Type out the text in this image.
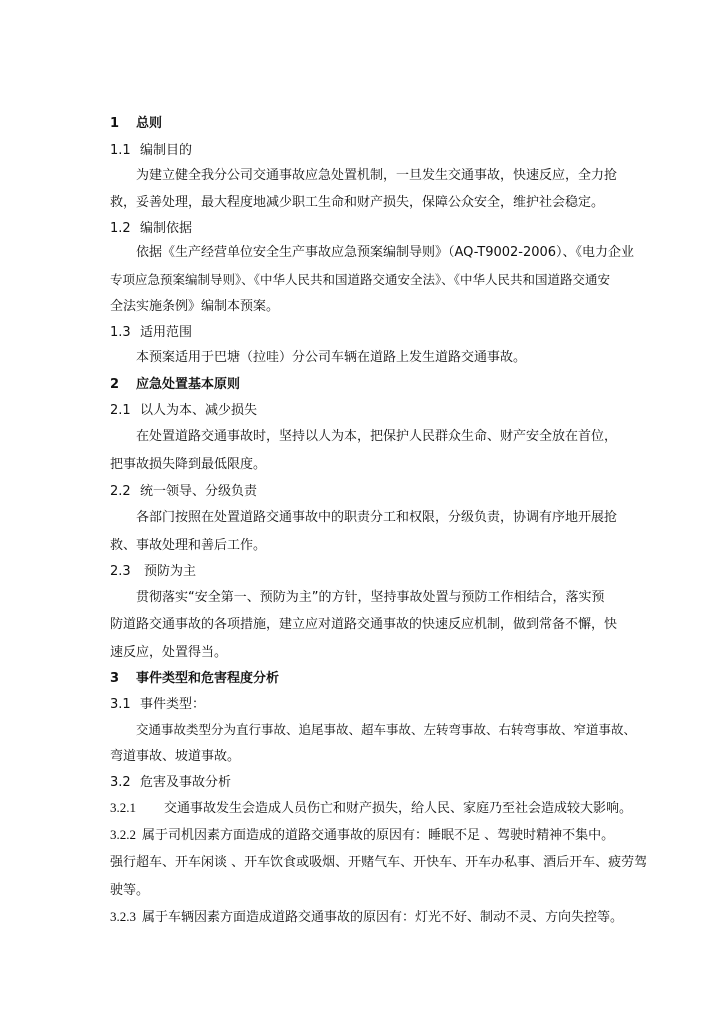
1 总则
1.1 编制目的
为建立健全我分公司交通事故应急处置机制，一旦发生交通事故，快速反应，全力抢
救，妥善处理，最大程度地减少职工生命和财产损失，保障公众安全，维护社会稳定。
1.2 编制依据
依据《生产经营单位安全生产事故应急预案编制导则》（AQ-T9002-2006）、《电力企业
专项应急预案编制导则》、《中华人民共和国道路交通安全法》、《中华人民共和国道路交通安
全法实施条例》编制本预案。
1.3 适用范围
本预案适用于巴塘（拉哇）分公司车辆在道路上发生道路交通事故。
2 应急处置基本原则
2.1 以人为本、减少损失
在处置道路交通事故时，坚持以人为本，把保护人民群众生命、财产安全放在首位，
把事故损失降到最低限度。
2.2 统一领导、分级负责
各部门按照在处置道路交通事故中的职责分工和权限，分级负责，协调有序地开展抢
救、事故处理和善后工作。
2.3 预防为主
贯彻落实“安全第一、预防为主”的方针，坚持事故处置与预防工作相结合，落实预
防道路交通事故的各项措施，建立应对道路交通事故的快速反应机制，做到常备不懈，快
速反应，处置得当。
3 事件类型和危害程度分析
3.1 事件类型：
交通事故类型分为直行事故、追尾事故、超车事故、左转弯事故、右转弯事故、窄道事故、
弯道事故、坡道事故。
3.2 危害及事故分析
3.2.1 交通事故发生会造成人员伤亡和财产损失，给人民、家庭乃至社会造成较大影响。
3.2.2 属于司机因素方面造成的道路交通事故的原因有：睡眠不足 、驾驶时精神不集中。
强行超车、开车闲谈 、开车饮食或吸烟、开赌气车、开快车、开车办私事、酒后开车、疲劳驾
驶等。
3.2.3 属于车辆因素方面造成道路交通事故的原因有：灯光不好、制动不灵、方向失控等。
